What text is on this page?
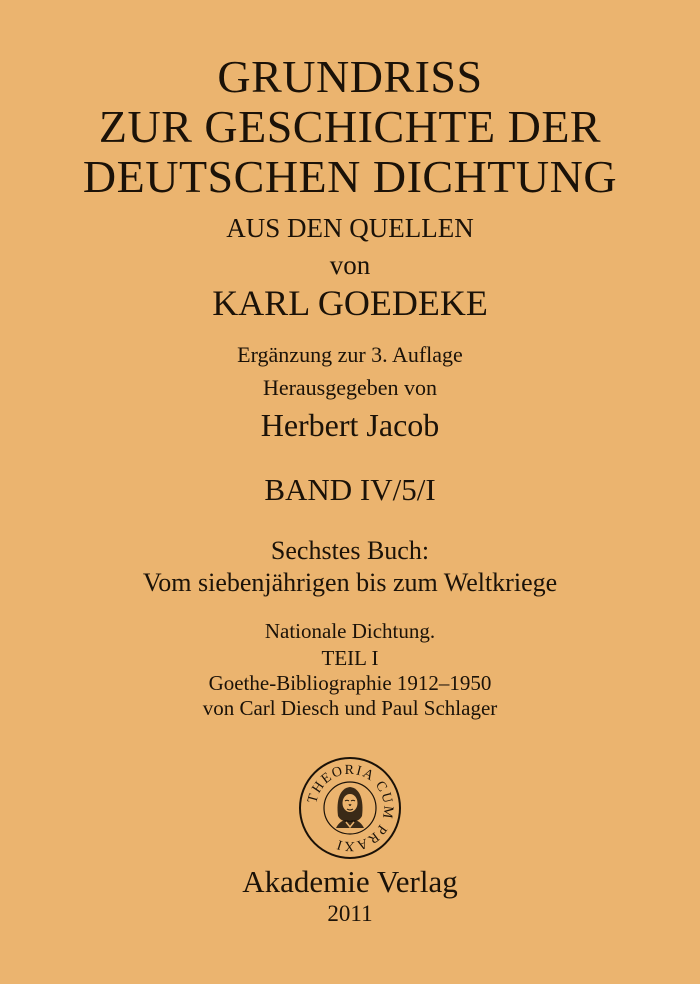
GRUNDRISS
ZUR GESCHICHTE DER
DEUTSCHEN DICHTUNG
AUS DEN QUELLEN
von
KARL GOEDEKE
Ergänzung zur 3. Auflage
Herausgegeben von
Herbert Jacob
BAND IV/5/I
Sechstes Buch:
Vom siebenjährigen bis zum Weltkriege
Nationale Dichtung.
TEIL I
Goethe-Bibliographie 1912–1950
von Carl Diesch und Paul Schlager
THEORIA CUM PRAXI
Akademie Verlag
2011
